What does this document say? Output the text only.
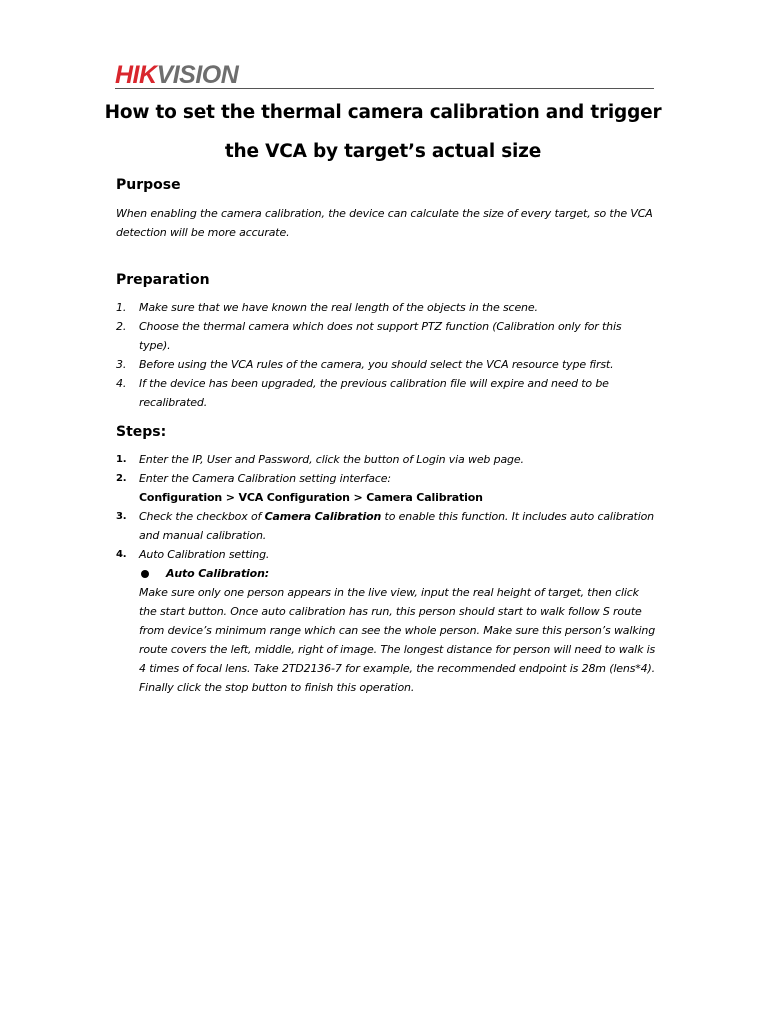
HIKVISION
How to set the thermal camera calibration and trigger
the VCA by target’s actual size
Purpose
When enabling the camera calibration, the device can calculate the size of every target, so the VCA detection will be more accurate.
Preparation
1. Make sure that we have known the real length of the objects in the scene.
2. Choose the thermal camera which does not support PTZ function (Calibration only for this type).
3. Before using the VCA rules of the camera, you should select the VCA resource type first.
4. If the device has been upgraded, the previous calibration file will expire and need to be recalibrated.
Steps:
1. Enter the IP, User and Password, click the button of Login via web page.
2. Enter the Camera Calibration setting interface:
Configuration > VCA Configuration > Camera Calibration
3. Check the checkbox of Camera Calibration to enable this function. It includes auto calibration and manual calibration.
4. Auto Calibration setting.
Auto Calibration:
Make sure only one person appears in the live view, input the real height of target, then click the start button. Once auto calibration has run, this person should start to walk follow S route from device’s minimum range which can see the whole person. Make sure this person’s walking route covers the left, middle, right of image. The longest distance for person will need to walk is 4 times of focal lens. Take 2TD2136-7 for example, the recommended endpoint is 28m (lens*4). Finally click the stop button to finish this operation.
